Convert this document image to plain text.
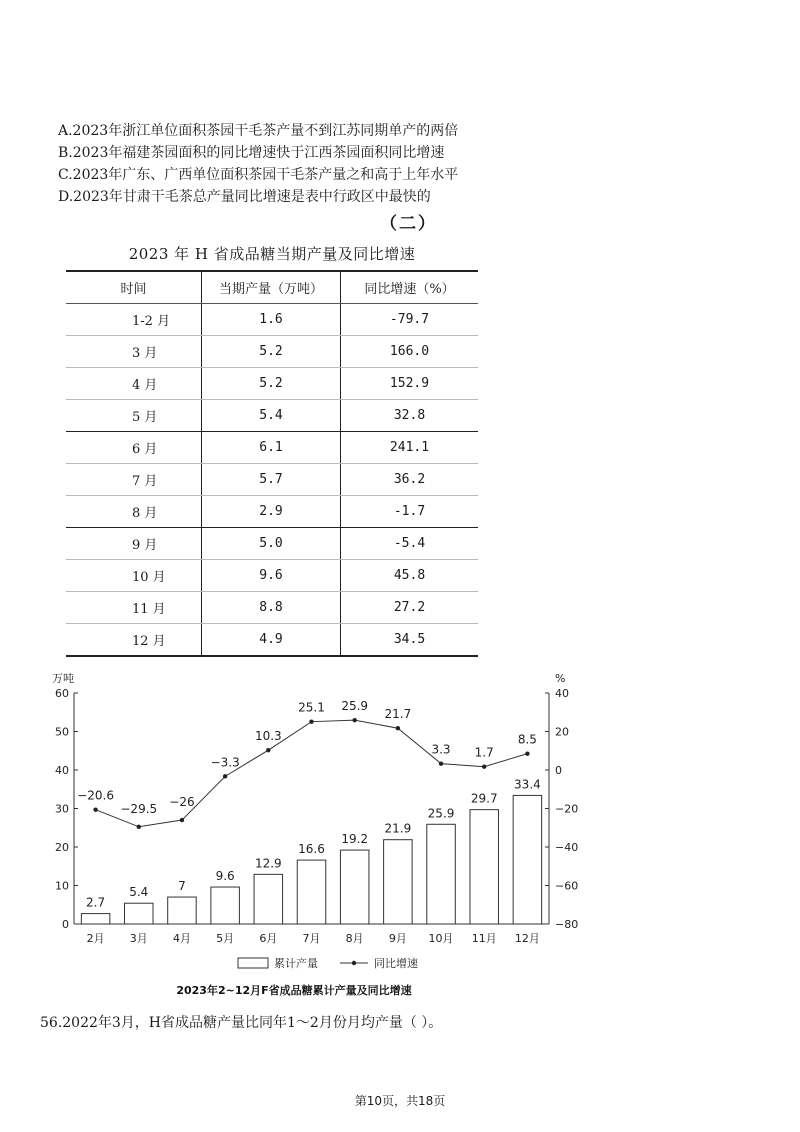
A.2023年浙江单位面积茶园干毛茶产量不到江苏同期单产的两倍
B.2023年福建茶园面积的同比增速快于江西茶园面积同比增速
C.2023年广东、广西单位面积茶园干毛茶产量之和高于上年水平
D.2023年甘肃干毛茶总产量同比增速是表中行政区中最快的
（二）
2023 年 H 省成品糖当期产量及同比增速
时间	当期产量（万吨）	同比增速（%）
1-2 月	1.6	-79.7
3 月	5.2	166.0
4 月	5.2	152.9
5 月	5.4	32.8
6 月	6.1	241.1
7 月	5.7	36.2
8 月	2.9	-1.7
9 月	5.0	-5.4
10 月	9.6	45.8
11 月	8.8	27.2
12 月	4.9	34.5
万吨	%
0
10
20
30
40
50
60	40
20
0
−20
−40
−60
−80
2.7
5.4 7
9.6
12.9
16.6
19.2
21.9
25.9
29.7
33.4
2月 3月 4月 5月 6月 7月 8月 9月 10月 11月 12月
−20.6
−29.5 −26
−3.3
10.3
25.1 25.9
21.7
3.3 1.7
8.5
累计产量	同比增速
2023年2~12月F省成品糖累计产量及同比增速
56.2022年3月，H省成品糖产量比同年1～2月份月均产量（ ）。
第10页，共18页
